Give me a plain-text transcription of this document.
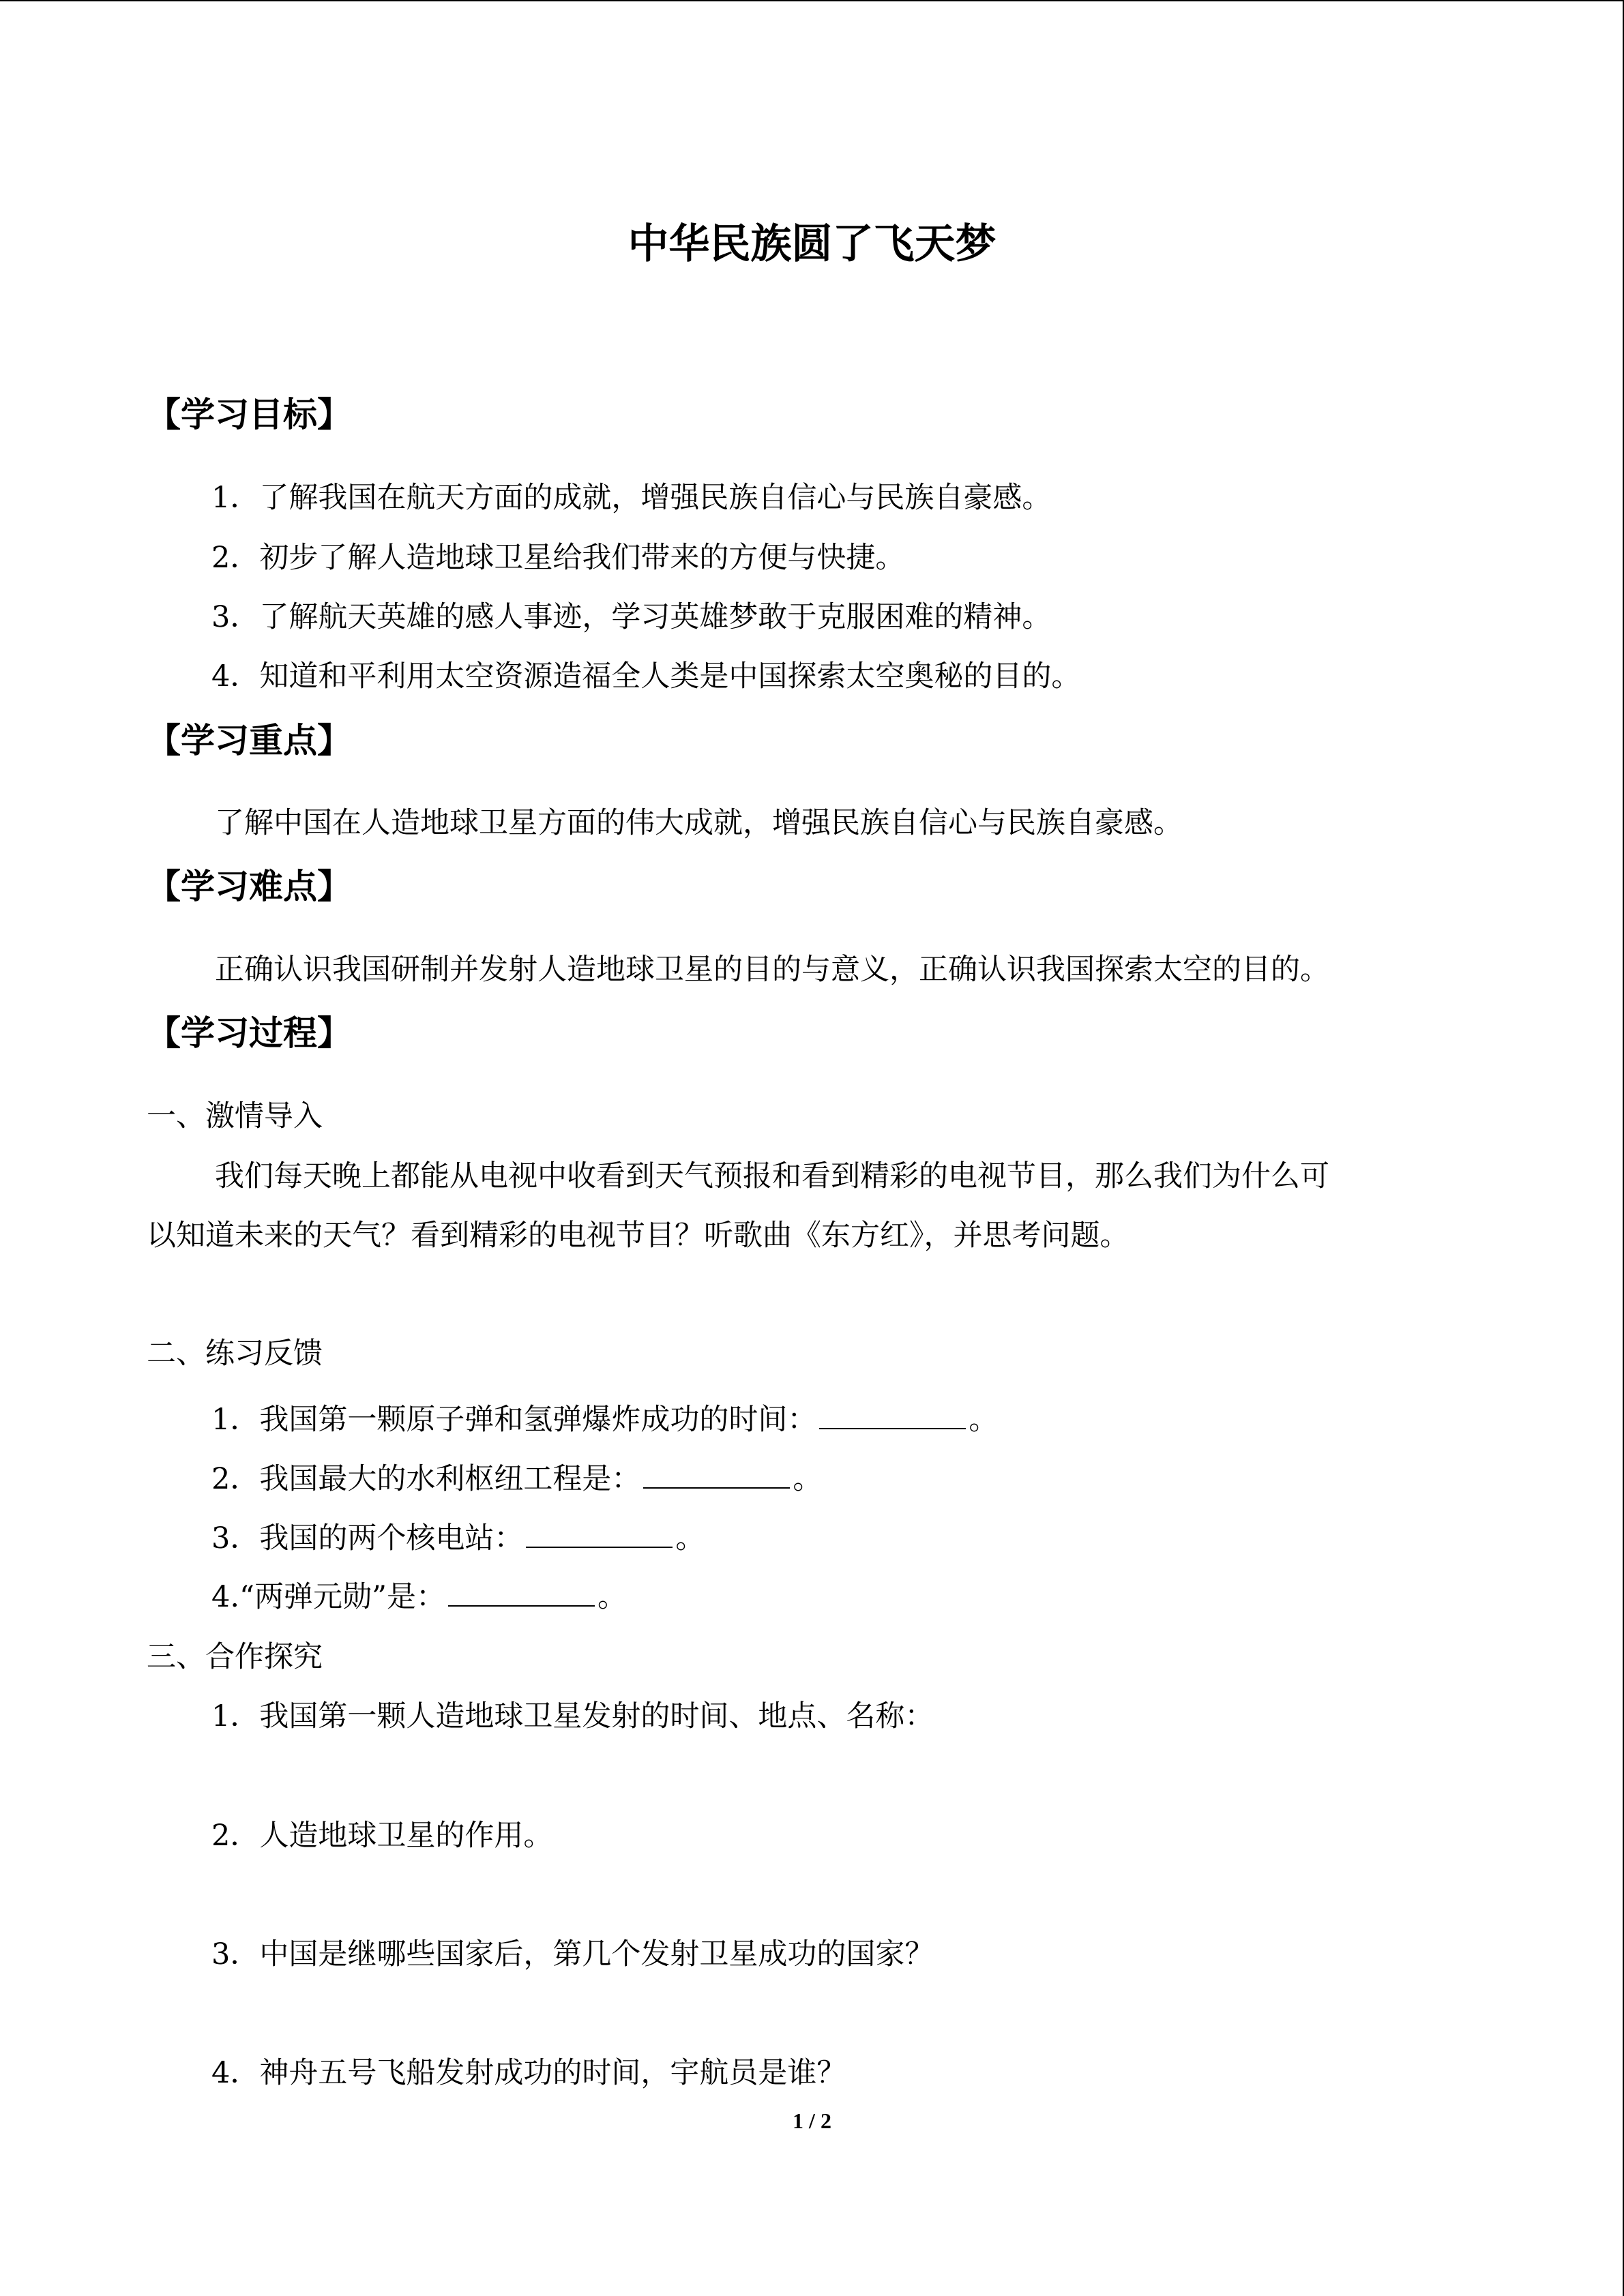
中华民族圆了飞天梦
【学习目标】
1．了解我国在航天方面的成就，增强民族自信心与民族自豪感。
2．初步了解人造地球卫星给我们带来的方便与快捷。
3．了解航天英雄的感人事迹，学习英雄梦敢于克服困难的精神。
4．知道和平利用太空资源造福全人类是中国探索太空奥秘的目的。
【学习重点】
了解中国在人造地球卫星方面的伟大成就，增强民族自信心与民族自豪感。
【学习难点】
正确认识我国研制并发射人造地球卫星的目的与意义，正确认识我国探索太空的目的。
【学习过程】
一、激情导入
我们每天晚上都能从电视中收看到天气预报和看到精彩的电视节目，那么我们为什么可
以知道未来的天气？看到精彩的电视节目？听歌曲《东方红》，并思考问题。
二、练习反馈
1．我国第一颗原子弹和氢弹爆炸成功的时间：	。
2．我国最大的水利枢纽工程是：	。
3．我国的两个核电站：	。
4.“两弹元勋”是：	。
三、合作探究
1．我国第一颗人造地球卫星发射的时间、地点、名称：
2．人造地球卫星的作用。
3．中国是继哪些国家后，第几个发射卫星成功的国家？
4．神舟五号飞船发射成功的时间，宇航员是谁？
1 / 2
